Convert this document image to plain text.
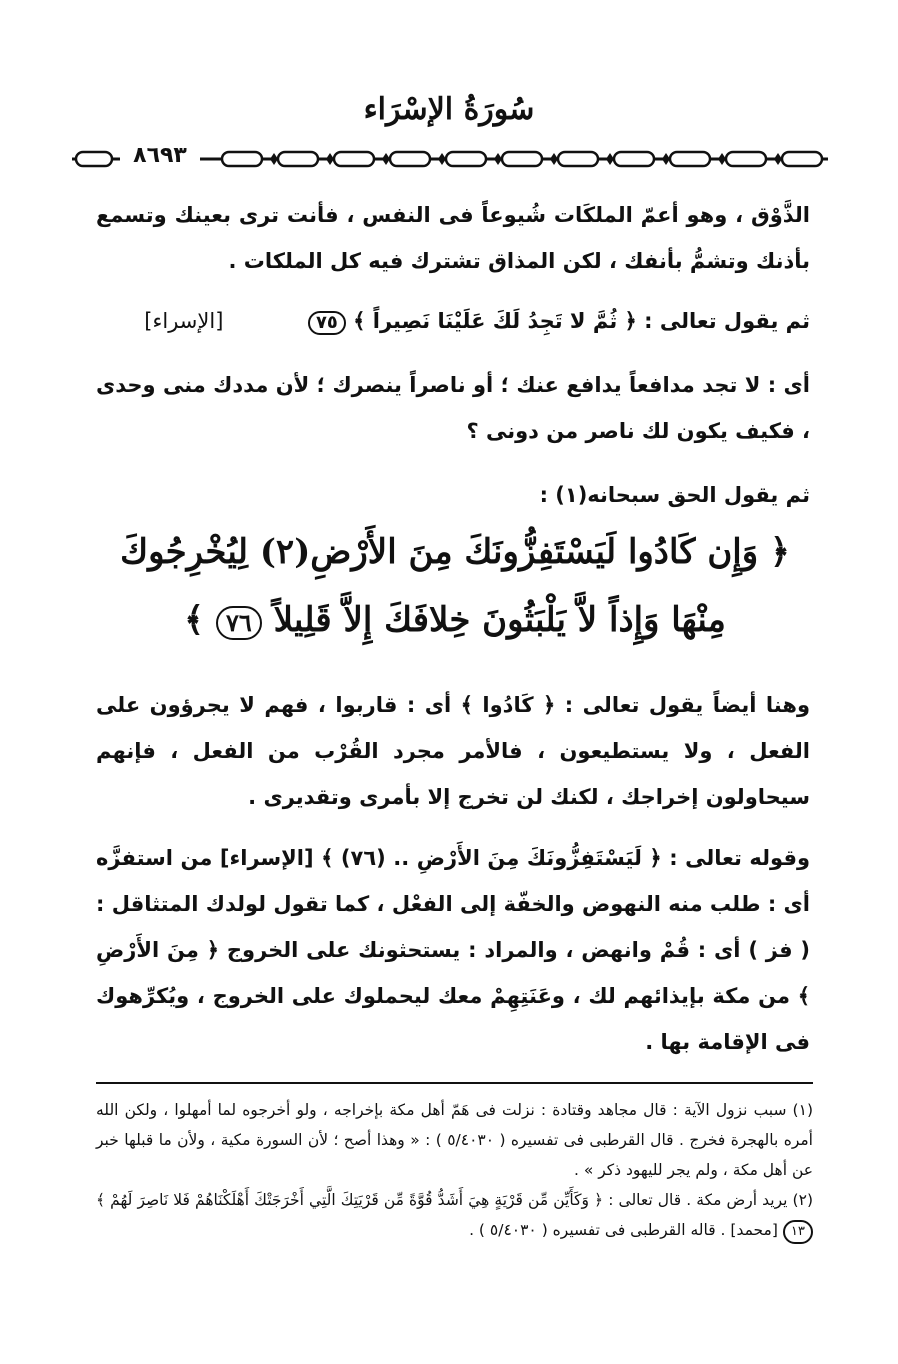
سُورَةُ الإسْرَاء
٨٦٩٣

الذَّوْق ، وهو أعمّ الملكَات شُيوعاً فى النفس ، فأنت ترى بعينك وتسمع بأذنك وتشمُّ بأنفك ، لكن المذاق تشترك فيه كل الملكات .

ثم يقول تعالى : ﴿ ثُمَّ لا تَجِدُ لَكَ عَلَيْنَا نَصِيراً ﴾ ٧٥  [الإسراء]

أى : لا تجد مدافعاً يدافع عنك ؛ أو ناصراً ينصرك ؛ لأن مددك منى وحدى ، فكيف يكون لك ناصر من دونى ؟

ثم يقول الحق سبحانه(١) :

﴿ وَإِن كَادُوا لَيَسْتَفِزُّونَكَ مِنَ الأَرْضِ(٢) لِيُخْرِجُوكَ
مِنْهَا وَإِذاً لاَّ يَلْبَثُونَ خِلافَكَ إِلاَّ قَلِيلاً ٧٦ ﴾

وهنا أيضاً يقول تعالى : ﴿ كَادُوا ﴾ أى : قاربوا ، فهم لا يجرؤون على الفعل ، ولا يستطيعون ، فالأمر مجرد القُرْب من الفعل ، فإنهم سيحاولون إخراجك ، لكنك لن تخرج إلا بأمرى وتقديرى .

وقوله تعالى : ﴿ لَيَسْتَفِزُّونَكَ مِنَ الأَرْضِ .. (٧٦) ﴾ [الإسراء] من استفزَّه أى : طلب منه النهوض والخفّة إلى الفعْل ، كما تقول لولدك المتثاقل : ( فز ) أى : قُمْ وانهض ، والمراد : يستحثونك على الخروج ﴿ مِنَ الأَرْضِ ﴾ من مكة بإيذائهم لك ، وعَنَتِهِمْ معك ليحملوك على الخروج ، ويُكرِّهوك فى الإقامة بها .

(١) سبب نزول الآية : قال مجاهد وقتادة : نزلت فى هَمّ أهل مكة بإخراجه ، ولو أخرجوه لما أمهلوا ، ولكن الله أمره بالهجرة فخرج . قال القرطبى فى تفسيره ( ٥/٤٠٣٠ ) : « وهذا أصح ؛ لأن السورة مكية ، ولأن ما قبلها خبر عن أهل مكة ، ولم يجر لليهود ذكر » .

(٢) يريد أرض مكة . قال تعالى : ﴿ وَكَأَيِّن مِّن قَرْيَةٍ هِيَ أَشَدُّ قُوَّةً مِّن قَرْيَتِكَ الَّتِي أَخْرَجَتْكَ أَهْلَكْنَاهُمْ فَلا نَاصِرَ لَهُمْ ﴾ ١٣ [محمد] . قاله القرطبى فى تفسيره ( ٥/٤٠٣٠ ) .
